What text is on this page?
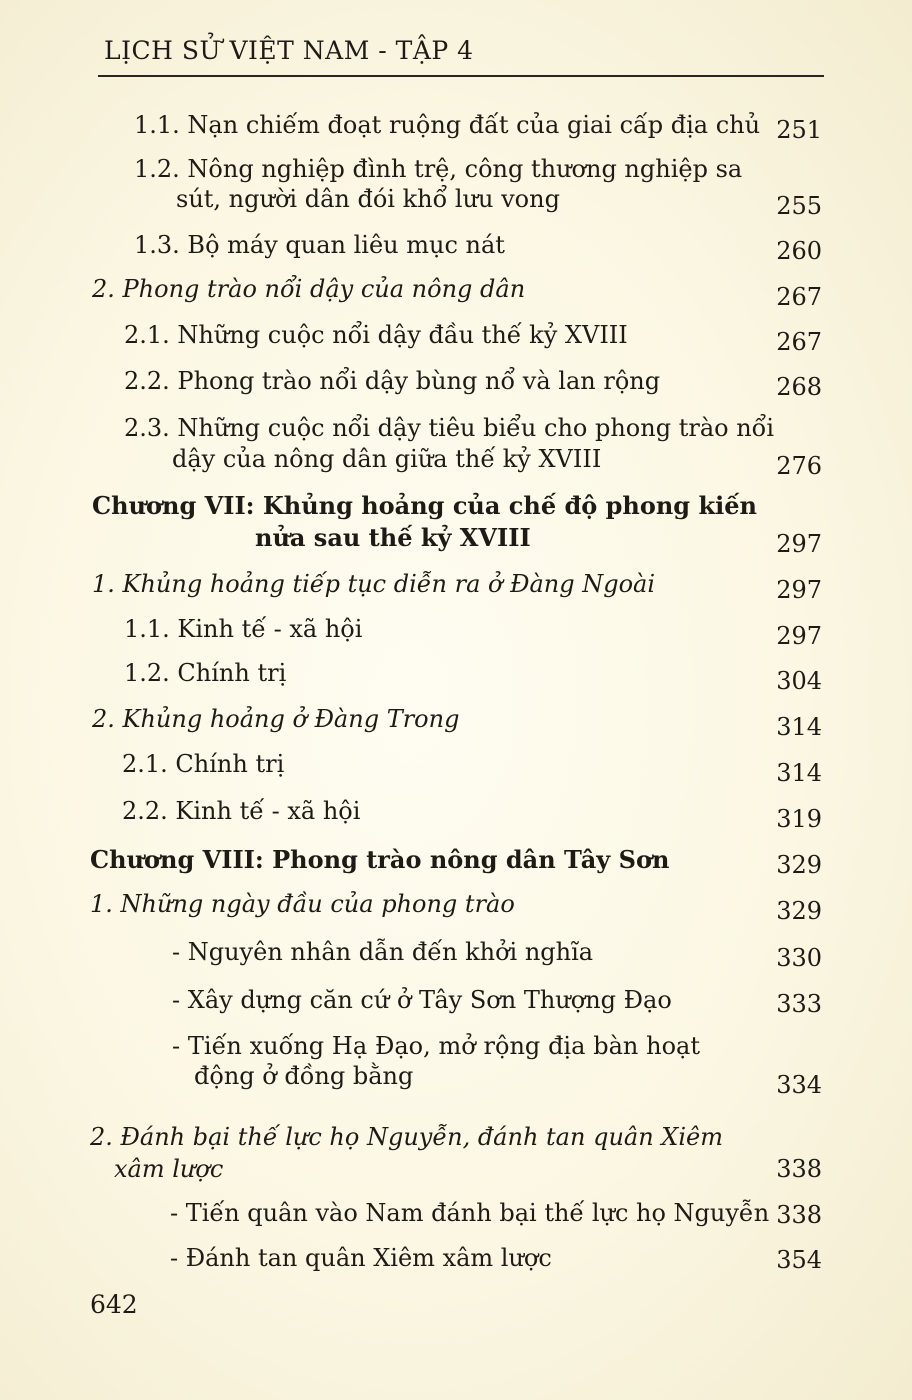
LỊCH SỬ VIỆT NAM - TẬP 4
1.1. Nạn chiếm đoạt ruộng đất của giai cấp địa chủ 251
1.2. Nông nghiệp đình trệ, công thương nghiệp sa
sút, người dân đói khổ lưu vong	255
1.3. Bộ máy quan liêu mục nát	260
2. Phong trào nổi dậy của nông dân	267
2.1. Những cuộc nổi dậy đầu thế kỷ XVIII	267
2.2. Phong trào nổi dậy bùng nổ và lan rộng	268
2.3. Những cuộc nổi dậy tiêu biểu cho phong trào nổi
dậy của nông dân giữa thế kỷ XVIII	276
Chương VII: Khủng hoảng của chế độ phong kiến
nửa sau thế kỷ XVIII	297
1. Khủng hoảng tiếp tục diễn ra ở Đàng Ngoài	297
1.1. Kinh tế - xã hội	297
1.2. Chính trị	304
2. Khủng hoảng ở Đàng Trong	314
2.1. Chính trị	314
2.2. Kinh tế - xã hội	319
Chương VIII: Phong trào nông dân Tây Sơn	329
1. Những ngày đầu của phong trào	329
- Nguyên nhân dẫn đến khởi nghĩa	330
- Xây dựng căn cứ ở Tây Sơn Thượng Đạo	333
- Tiến xuống Hạ Đạo, mở rộng địa bàn hoạt
động ở đồng bằng	334
2. Đánh bại thế lực họ Nguyễn, đánh tan quân Xiêm
xâm lược	338
- Tiến quân vào Nam đánh bại thế lực họ Nguyễn 338
- Đánh tan quân Xiêm xâm lược	354
642
